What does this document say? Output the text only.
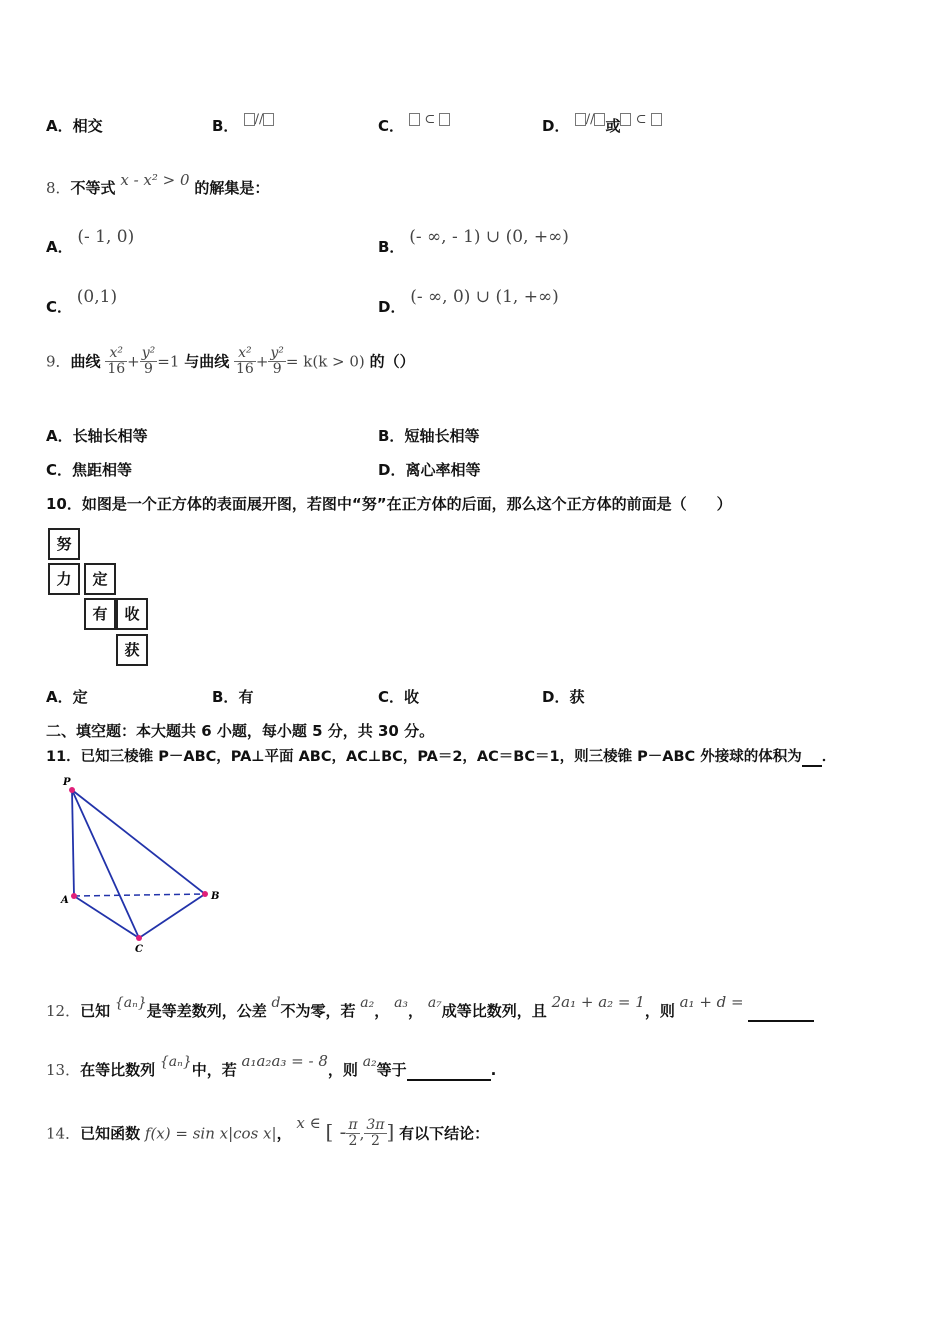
A．相交	B． //	C． ⊂	D． // 或 ⊂
8．不等式 x - x² > 0 的解集是：
A． (- 1, 0)	B． (- ∞, - 1) ∪ (0, +∞)
C． (0,1)	D． (- ∞, 0) ∪ (1, +∞)
9．曲线 $\frac{\text{x²}}{16} + \frac{\text{y²}}{9} =1$ 与曲线 $\frac{\text{x²}}{16} + \frac{\text{y²}}{9} = k(k > 0)$ 的（）
A．长轴长相等	B．短轴长相等
C．焦距相等	D．离心率相等
10．如图是一个正方体的表面展开图，若图中“努”在正方体的后面，那么这个正方体的前面是（　　）
努
力	定
有	收
获
A．定	B．有	C．收	D．获
二、填空题：本大题共 6 小题，每小题 5 分，共 30 分。
11．已知三棱锥 P－ABC，PA⊥平面 ABC，AC⊥BC，PA＝2，AC＝BC＝1，则三棱锥 P－ABC 外接球的体积为 ．
P
A	B
C
12．已知 {aₙ}是等差数列，公差 d不为零，若 a₂， a₃， a₇成等比数列，且 2a₁ + a₂ = 1，则 a₁ + d =
13．在等比数列 {aₙ}中，若 a₁a₂a₃ = - 8，则 a₂等于	.
14．已知函数 f(x) = sin x|cos x|， x ∈ [ - $\frac{\pi}{2}$ , $\frac{3\pi}{2}$ ] 有以下结论：
